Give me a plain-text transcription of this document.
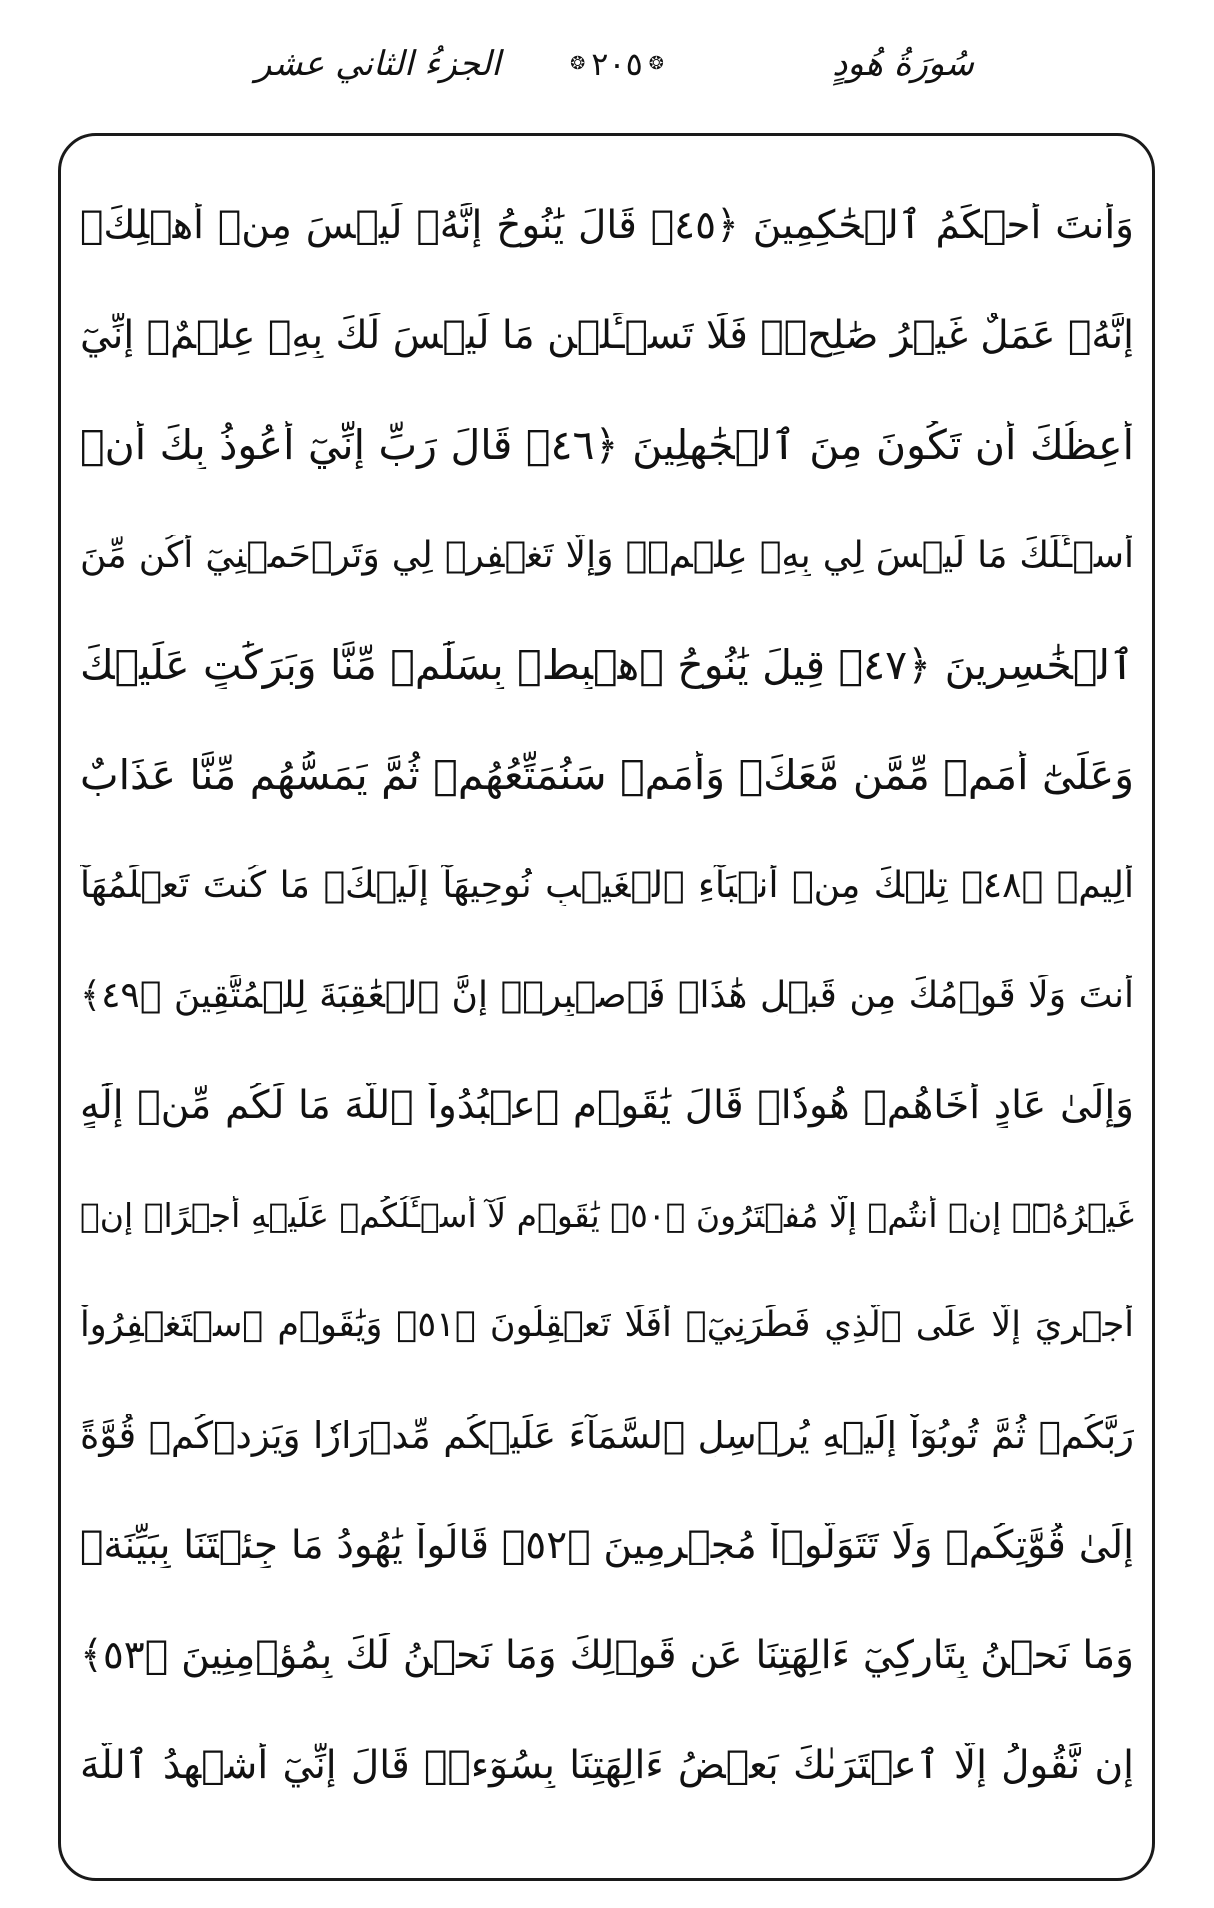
الجزءُ الثاني عشر	❂ ٢٠٥ ❂	سُورَةُ هُودٍ
وَأَنتَ أَحۡكَمُ ٱلۡحَٰكِمِينَ ﴿٤٥﴾ قَالَ يَٰنُوحُ إِنَّهُۥ لَيۡسَ مِنۡ أَهۡلِكَۖ
إِنَّهُۥ عَمَلٌ غَيۡرُ صَٰلِحٖۖ فَلَا تَسۡـَٔلۡنِ مَا لَيۡسَ لَكَ بِهِۦ عِلۡمٌۖ إِنِّيٓ
أَعِظُكَ أَن تَكُونَ مِنَ ٱلۡجَٰهِلِينَ ﴿٤٦﴾ قَالَ رَبِّ إِنِّيٓ أَعُوذُ بِكَ أَنۡ
أَسۡـَٔلَكَ مَا لَيۡسَ لِي بِهِۦ عِلۡمٞۖ وَإِلَّا تَغۡفِرۡ لِي وَتَرۡحَمۡنِيٓ أَكُن مِّنَ
ٱلۡخَٰسِرِينَ ﴿٤٧﴾ قِيلَ يَٰنُوحُ ٱهۡبِطۡ بِسَلَٰمٖ مِّنَّا وَبَرَكَٰتٍ عَلَيۡكَ
وَعَلَىٰٓ أُمَمٖ مِّمَّن مَّعَكَۚ وَأُمَمٞ سَنُمَتِّعُهُمۡ ثُمَّ يَمَسُّهُم مِّنَّا عَذَابٌ
أَلِيمٞ ﴿٤٨﴾ تِلۡكَ مِنۡ أَنۢبَآءِ ٱلۡغَيۡبِ نُوحِيهَآ إِلَيۡكَۖ مَا كُنتَ تَعۡلَمُهَآ
أَنتَ وَلَا قَوۡمُكَ مِن قَبۡلِ هَٰذَاۖ فَٱصۡبِرۡۖ إِنَّ ٱلۡعَٰقِبَةَ لِلۡمُتَّقِينَ ﴿٤٩﴾
وَإِلَىٰ عَادٍ أَخَاهُمۡ هُودٗاۚ قَالَ يَٰقَوۡمِ ٱعۡبُدُواْ ٱللَّهَ مَا لَكُم مِّنۡ إِلَٰهٍ
غَيۡرُهُۥٓۖ إِنۡ أَنتُمۡ إِلَّا مُفۡتَرُونَ ﴿٥٠﴾ يَٰقَوۡمِ لَآ أَسۡـَٔلُكُمۡ عَلَيۡهِ أَجۡرًاۖ إِنۡ
أَجۡرِيَ إِلَّا عَلَى ٱلَّذِي فَطَرَنِيٓۚ أَفَلَا تَعۡقِلُونَ ﴿٥١﴾ وَيَٰقَوۡمِ ٱسۡتَغۡفِرُواْ
رَبَّكُمۡ ثُمَّ تُوبُوٓاْ إِلَيۡهِ يُرۡسِلِ ٱلسَّمَآءَ عَلَيۡكُم مِّدۡرَارٗا وَيَزِدۡكُمۡ قُوَّةً
إِلَىٰ قُوَّتِكُمۡ وَلَا تَتَوَلَّوۡاْ مُجۡرِمِينَ ﴿٥٢﴾ قَالُواْ يَٰهُودُ مَا جِئۡتَنَا بِبَيِّنَةٖ
وَمَا نَحۡنُ بِتَارِكِيٓ ءَالِهَتِنَا عَن قَوۡلِكَ وَمَا نَحۡنُ لَكَ بِمُؤۡمِنِينَ ﴿٥٣﴾
إِن نَّقُولُ إِلَّا ٱعۡتَرَىٰكَ بَعۡضُ ءَالِهَتِنَا بِسُوٓءٖۗ قَالَ إِنِّيٓ أُشۡهِدُ ٱللَّهَ
